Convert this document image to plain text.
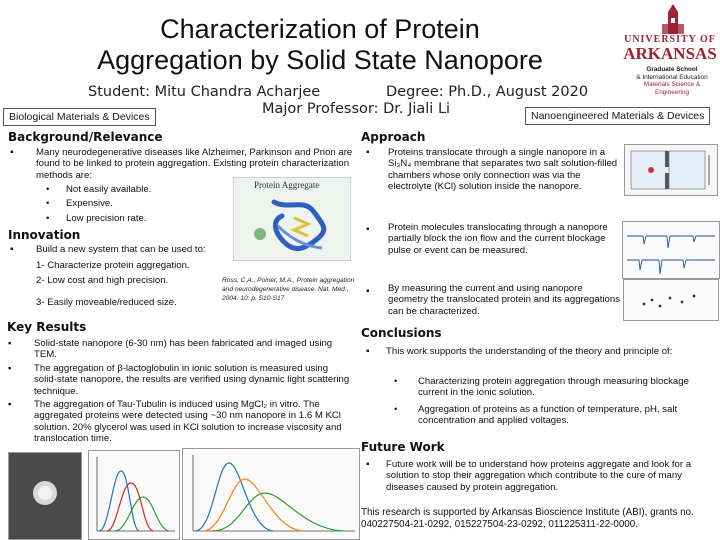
Characterization of Protein
Aggregation by Solid State Nanopore
Student: Mitu Chandra Acharjee	Degree: Ph.D., August 2020
Major Professor: Dr. Jiali Li
Biological Materials & Devices	Nanoengineered Materials & Devices
UNIVERSITY OF
ARKANSAS
Graduate School
& International Education
Materials Science & Engineering
Background/Relevance
▪ Many neurodegenerative diseases like Alzheimer, Parkinson and Prion are found to be linked to protein aggregation. Existing protein characterization methods are:
• Not easily available.
• Expensive.
• Low precision rate.
Protein Aggregate
Innovation
▪ Build a new system that can be used to:
1- Characterize protein aggregation.
2- Low cost and high precision.
3- Easily moveable/reduced size.
Ross, C.A., Poirier, M.A., Protein aggregation and neurodegenerative disease. Nat. Med., 2004. 10: p. S10-S17
Key Results
▪ Solid-state nanopore (6-30 nm) has been fabricated and imaged using TEM.
▪ The aggregation of β-lactoglobulin in ionic solution is measured using solid-state nanopore, the results are verified using dynamic light scattering technique.
▪ The aggregation of Tau-Tubulin is induced using MgCl₂ in vitro. The aggregated proteins were detected using ~30 nm nanopore in 1.6 M KCl solution. 20% glycerol was used in KCl solution to increase viscosity and translocation time.
Approach
▪ Proteins translocate through a single nanopore in a Si₃N₄ membrane that separates two salt solution-filled chambers whose only connection was via the electrolyte (KCl) solution inside the nanopore.
▪ Protein molecules translocating through a nanopore partially block the ion flow and the current blockage pulse or event can be measured.
▪ By measuring the current and using nanopore geometry the translocated protein and its aggregations can be characterized.
Conclusions
▪ This work supports the understanding of the theory and principle of:
• Characterizing protein aggregation through measuring blockage current in the ionic solution.
• Aggregation of proteins as a function of temperature, pH, salt concentration and applied voltages.
Future Work
▪ Future work will be to understand how proteins aggregate and look for a solution to stop their aggregation which contribute to the cure of many diseases caused by protein aggregation.
This research is supported by Arkansas Bioscience Institute (ABI), grants no. 040227504-21-0292, 015227504-23-0292, 011225311-22-0000.
